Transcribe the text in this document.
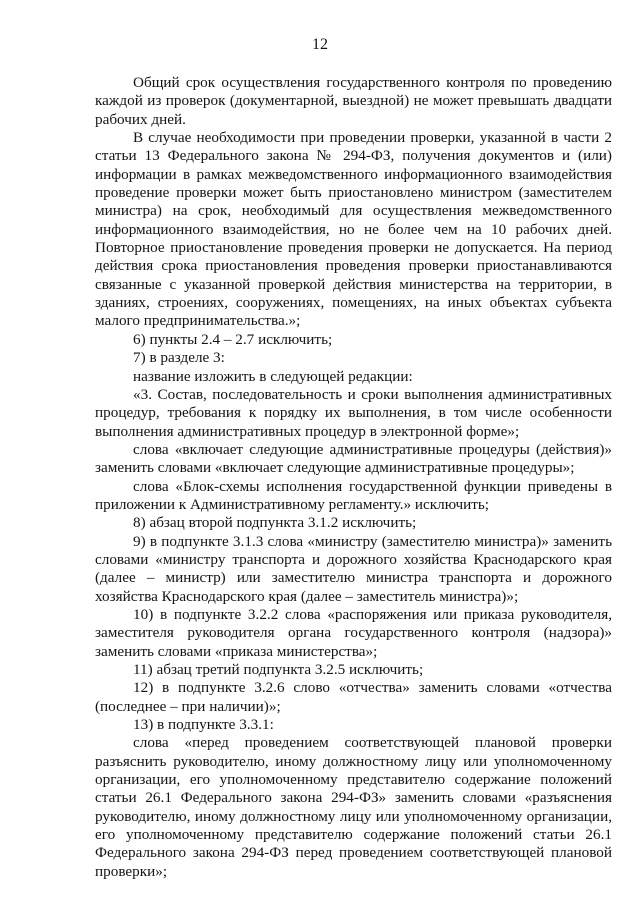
12

Общий срок осуществления государственного контроля по проведению каждой из проверок (документарной, выездной) не может превышать двадцати рабочих дней.

В случае необходимости при проведении проверки, указанной в части 2 статьи 13 Федерального закона № 294-ФЗ, получения документов и (или) информации в рамках межведомственного информационного взаимодействия проведение проверки может быть приостановлено министром (заместителем министра) на срок, необходимый для осуществления межведомственного информационного взаимодействия, но не более чем на 10 рабочих дней. Повторное приостановление проведения проверки не допускается. На период действия срока приостановления проведения проверки приостанавливаются связанные с указанной проверкой действия министерства на территории, в зданиях, строениях, сооружениях, помещениях, на иных объектах субъекта малого предпринимательства.»;

6) пункты 2.4 – 2.7 исключить;

7) в разделе 3:

название изложить в следующей редакции:

«3. Состав, последовательность и сроки выполнения административных процедур, требования к порядку их выполнения, в том числе особенности выполнения административных процедур в электронной форме»;

слова «включает следующие административные процедуры (действия)» заменить словами «включает следующие административные процедуры»;

слова «Блок-схемы исполнения государственной функции приведены в приложении к Административному регламенту.» исключить;

8) абзац второй подпункта 3.1.2 исключить;

9) в подпункте 3.1.3 слова «министру (заместителю министра)» заменить словами «министру транспорта и дорожного хозяйства Краснодарского края (далее – министр) или заместителю министра транспорта и дорожного хозяйства Краснодарского края (далее – заместитель министра)»;

10) в подпункте 3.2.2 слова «распоряжения или приказа руководителя, заместителя руководителя органа государственного контроля (надзора)» заменить словами «приказа министерства»;

11) абзац третий подпункта 3.2.5 исключить;

12) в подпункте 3.2.6 слово «отчества» заменить словами «отчества (последнее – при наличии)»;

13) в подпункте 3.3.1:

слова «перед проведением соответствующей плановой проверки разъяснить руководителю, иному должностному лицу или уполномоченному организации, его уполномоченному представителю содержание положений статьи 26.1 Федерального закона 294-ФЗ» заменить словами «разъяснения руководителю, иному должностному лицу или уполномоченному организации, его уполномоченному представителю содержание положений статьи 26.1 Федерального закона 294-ФЗ перед проведением соответствующей плановой проверки»;
